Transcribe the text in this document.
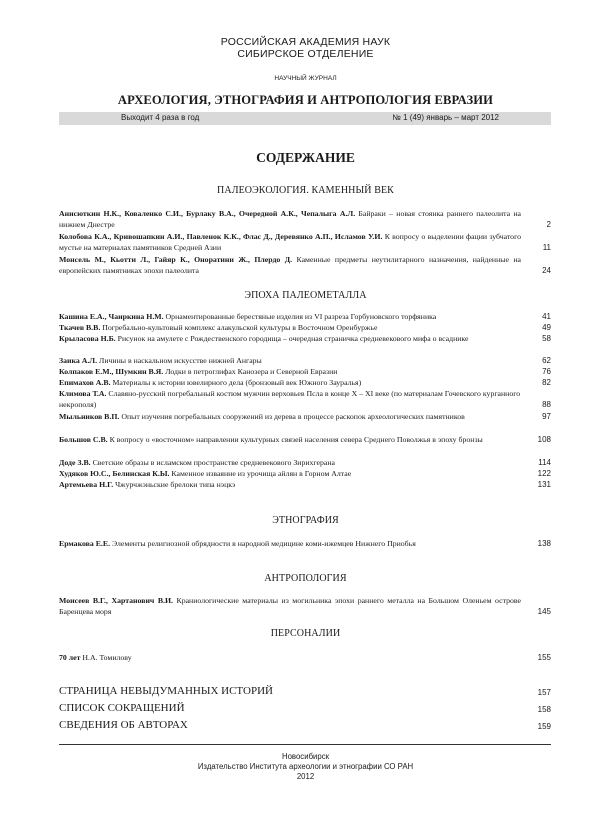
РОССИЙСКАЯ АКАДЕМИЯ НАУК
СИБИРСКОЕ ОТДЕЛЕНИЕ
НАУЧНЫЙ ЖУРНАЛ
АРХЕОЛОГИЯ, ЭТНОГРАФИЯ И АНТРОПОЛОГИЯ ЕВРАЗИИ
Выходит 4 раза в год	№ 1 (49) январь – март 2012
СОДЕРЖАНИЕ
ПАЛЕОЭКОЛОГИЯ. КАМЕННЫЙ ВЕК
Анисюткин Н.К., Коваленко С.И., Бурлаку В.А., Очередной А.К., Чепалыга А.Л. Байраки – новая стоянка раннего палеолита на нижнем Днестре	2
Колобова К.А., Кривошапкин А.И., Павленок К.К., Флас Д., Деревянко А.П., Исламов У.И. К вопросу о выделении фации зубчатого мустье на материалах памятников Средней Азии	11
Монсель М., Кьотти Л., Гайяр К., Онoратини Ж., Плердо Д. Каменные предметы неутилитарного назначения, найденные на европейских памятниках эпохи палеолита	24
ЭПОХА ПАЛЕОМЕТАЛЛА
Кашина Е.А., Чаиркина Н.М. Орнаментированные берестяные изделия из VI разреза Горбуновского торфяника	41
Ткачев В.В. Погребально-культовый комплекс алакульской культуры в Восточном Оренбуржье	49
Крыласова Н.Б. Рисунок на амулете с Рождественского городища – очередная страничка средневекового мифа о всаднике	58
Заика А.Л. Личины в наскальном искусстве нижней Ангары	62
Колпаков Е.М., Шумкин В.Я. Лодки в петроглифах Канозера и Северной Евразии	76
Епимахов А.В. Материалы к истории ювелирного дела (бронзовый век Южного Зауралья)	82
Климова Т.А. Славяно-русский погребальный костюм мужчин верховьев Псла в конце X – XI веке (по материалам Гочевского курганного некрополя)	88
Мыльников В.П. Опыт изучения погребальных сооружений из дерева в процессе раскопок археологических памятников	97
Большов С.В. К вопросу о «восточном» направлении культурных связей населения севера Среднего Поволжья в эпоху бронзы	108
Доде З.В. Светские образы в исламском пространстве средневекового Зирихгерана	114
Худяков Ю.С., Белинская К.Ы. Каменное изваяние из урочища айлян в Горном Алтае	122
Артемьева Н.Г. Чжурчжэньские брелоки типа нэцкэ	131
ЭТНОГРАФИЯ
Ермакова Е.Е. Элементы религиозной обрядности в народной медицине коми-ижемцев Нижнего Приобья	138
АНТРОПОЛОГИЯ
Моисеев В.Г., Хартанович В.И. Краниологические материалы из могильника эпохи раннего металла на Большом Оленьем острове Баренцева моря	145
ПЕРСОНАЛИИ
70 лет Н.А. Томилову	155
СТРАНИЦА НЕВЫДУМАННЫХ ИСТОРИЙ	157
СПИСОК СОКРАЩЕНИЙ	158
СВЕДЕНИЯ ОБ АВТОРАХ	159
Новосибирск
Издательство Института археологии и этнографии СО РАН
2012
